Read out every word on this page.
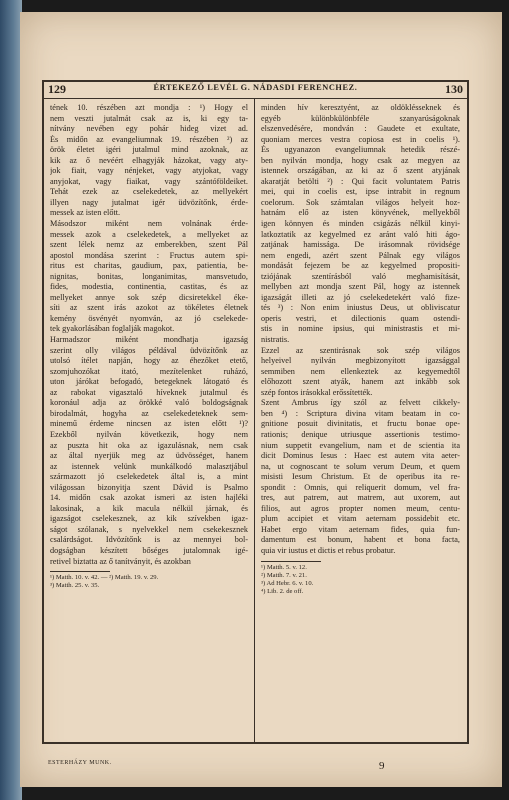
129	ÉRTEKEZŐ LEVÉL G. NÁDASDI FERENCHEZ.	130
tének 10. részében azt mondja : ¹) Hogy el
nem veszti jutalmát csak az is, ki egy ta-
nítvány nevében egy pohár hideg vizet ad.
És midőn az evangeliumnak 19. részében ²) az
örök életet igéri jutalmul mind azoknak, az
kik az ő nevéért elhagyják házokat, vagy aty-
jok fiait, vagy nénjeket, vagy atyjokat, vagy
anyjokat, vagy fiaikat, vagy szántóföldeiket.
Tehát ezek az cselekedetek, az mellyekért
illyen nagy jutalmat igér üdvözítőnk, érde-
messek az isten előtt.
Másodszor miként nem volnának érde-
messek azok a cselekedetek, a mellyeket az
szent lélek nemz az emberekben, szent Pál
apostol mondása szerint : Fructus autem spi-
ritus est charitas, gaudium, pax, patientia, be-
nignitas, bonitas, longanimitas, mansvetudo,
fides, modestia, continentia, castitas, és az
mellyeket annye sok szép dicsiretekkel éke-
síti az szent irás azokot az tökéletes életnek
kemény ösvényét nyomván, az jó cselekede-
tek gyakorlásában foglalják magokot.
Harmadszor miként mondhatja igazság
szerint olly világos példával üdvözítőnk az
utolsó ítélet napján, hogy az éhezőket etető,
szomjuhozókat itató, mezítelenket ruházó,
uton járókat befogadó, betegeknek látogató és
az rabokat vigasztaló híveknek jutalmul és
koronául adja az örökké való boldogságnak
birodalmát, hogyha az cselekedeteknek sem-
minemű érdeme nincsen az isten előtt ¹)?
Ezekből nyilván következik, hogy nem
az puszta hit oka az igazulásnak, nem csak
az által nyerjük meg az üdvösséget, hanem
az istennek velünk munkálkodó malasztjábul
származott jó cselekedetek által is, a mint
világossan bizonyitja szent Dávid is Psalmo
14. midőn csak azokat ismeri az isten hajléki
lakosinak, a kik macula nélkül járnak, és
igazságot cselekesznek, az kik szívekben igaz-
ságot szólanak, s nyelvekkel nem csekekesznek
csalárdságot. Idvözítőnk is az mennyei bol-
dogságban készített bőséges jutalomnak igé-
retivel biztatta az ő tanítványit, és azokban
¹) Matth. 10. v. 42. — ²) Matth. 19. v. 29.
³) Matth. 25. v. 35.
minden hív keresztyént, az oldöklésseknek és
egyéb különbkülönbféle szanyarúságoknak
elszenvedésére, mondván : Gaudete et exultate,
quoniam merces vestra copiosa est in coelis ¹).
És ugyanazon evangeliumnak hetedik részé-
ben nyilván mondja, hogy csak az megyen az
istennek országában, az ki az ő szent atyjának
akaratját betölti ²) : Qui facit voluntatem Patris
mei, qui in coelis est, ipse intrabit in regnum
coelorum. Sok számtalan világos helyeit hoz-
hatnám elő az isten könyvének, mellyekből
igen könnyen és minden csigázás nélkül kinyi-
latkoztatik az kegyelmed ez aránt való hiti ágo-
zatjának hamissága. De irásomnak rövidsége
nem engedi, azért szent Pálnak egy világos
mondását fejezem be az kegyelmed propositi-
tziójának szentírásból való meghamisítását,
mellyben azt mondja szent Pál, hogy az istennek
igazságát illeti az jó cselekedetekért való fize-
tés ³) : Non enim iniustus Deus, ut obliviscatur
operis vestri, et dilectionis quam ostendi-
stis in nomine ipsius, qui ministrastis et mi-
nistratis.
Ezzel az szentirásnak sok szép világos
helyeivel nyilván megbizonyított igazsággal
semmiben nem ellenkeztek az kegyemedtől
előhozott szent atyák, hanem azt inkább sok
szép fontos irásokkal erőssítették.
Szent Ambrus így szól az felvett cikkely-
ben ⁴) : Scriptura divina vitam beatam in co-
gnitione posuit divinitatis, et fructu bonae ope-
rationis; denique utriusque assertionis testimo-
nium suppetit evangelium, nam et de scientia ita
dicit Dominus Iesus : Haec est autem vita aeter-
na, ut cognoscant te solum verum Deum, et quem
misisti Iesum Christum. Et de operibus ita re-
spondit : Omnis, qui reliquerit domum, vel fra-
tres, aut patrem, aut matrem, aut uxorem, aut
filios, aut agros propter nomen meum, centu-
plum accipiet et vitam aeternam possidebit etc.
Habet ergo vitam aeternam fides, quia fun-
damentum est bonum, habent et bona facta,
quia vir iustus et dictis et rebus probatur.
¹) Matth. 5. v. 12.
²) Matth. 7. v. 21.
³) Ad Hebr. 6. v. 10.
⁴) Lib. 2. de off.
ESTERHÁZY MUNK.	9
